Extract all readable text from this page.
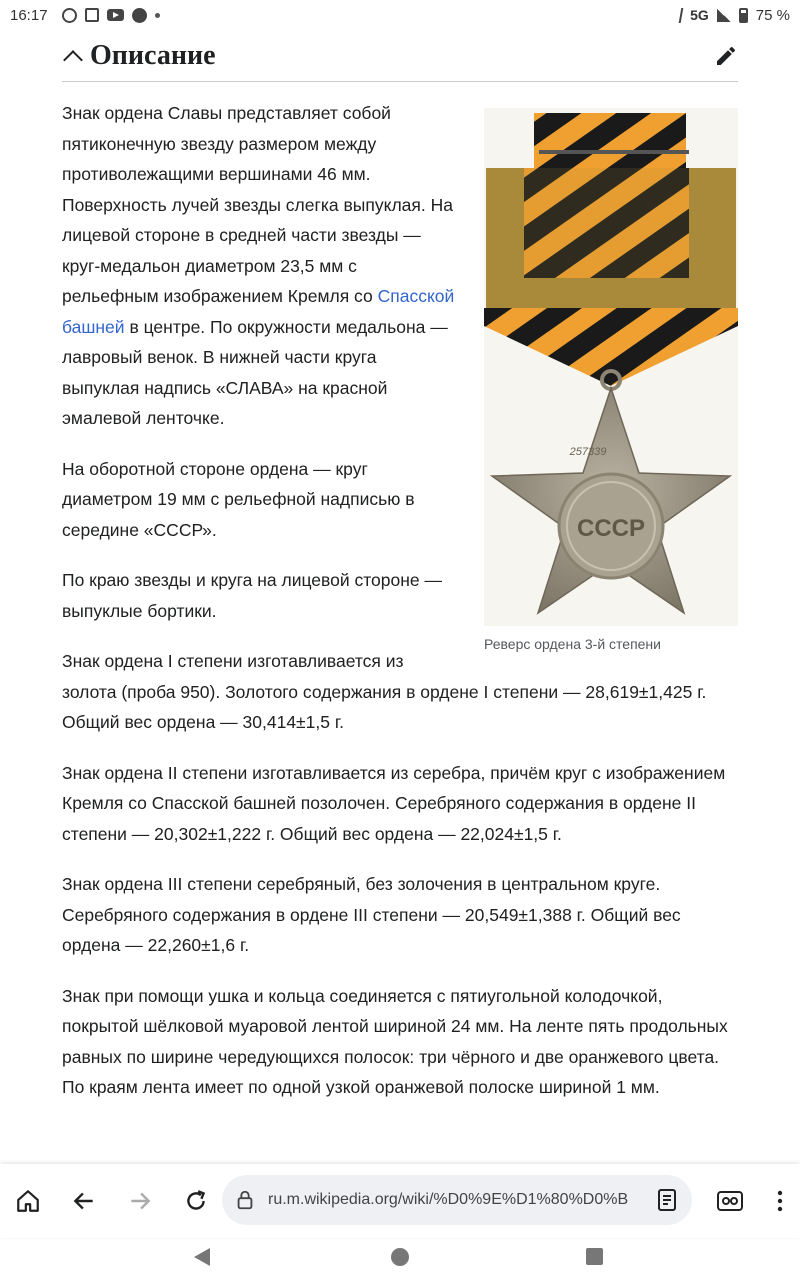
16:17	5G	75 %
Описание
СССР
257339
Реверс ордена 3-й степени

Знак ордена Славы представляет собой пятиконечную звезду размером между противолежащими вершинами 46 мм. Поверхность лучей звезды слегка выпуклая. На лицевой стороне в средней части звезды — круг-медальон диаметром 23,5 мм с рельефным изображением Кремля со Спасской башней в центре. По окружности медальона — лавровый венок. В нижней части круга выпуклая надпись «СЛАВА» на красной эмалевой ленточке.

На оборотной стороне ордена — круг диаметром 19 мм с рельефной надписью в середине «СССР».

По краю звезды и круга на лицевой стороне — выпуклые бортики.

Знак ордена I степени изготавливается из золота (проба 950). Золотого содержания в ордене I степени — 28,619±1,425 г. Общий вес ордена — 30,414±1,5 г.

Знак ордена II степени изготавливается из серебра, причём круг с изображением Кремля со Спасской башней позолочен. Серебряного содержания в ордене II степени — 20,302±1,222 г. Общий вес ордена — 22,024±1,5 г.

Знак ордена III степени серебряный, без золочения в центральном круге. Серебряного содержания в ордене III степени — 20,549±1,388 г. Общий вес ордена — 22,260±1,6 г.

Знак при помощи ушка и кольца соединяется с пятиугольной колодочкой, покрытой шёлковой муаровой лентой шириной 24 мм. На ленте пять продольных равных по ширине чередующихся полосок: три чёрного и две оранжевого цвета. По краям лента имеет по одной узкой оранжевой полоске шириной 1 мм.

ru.m.wikipedia.org/wiki/%D0%9E%D1%80%D0%B
